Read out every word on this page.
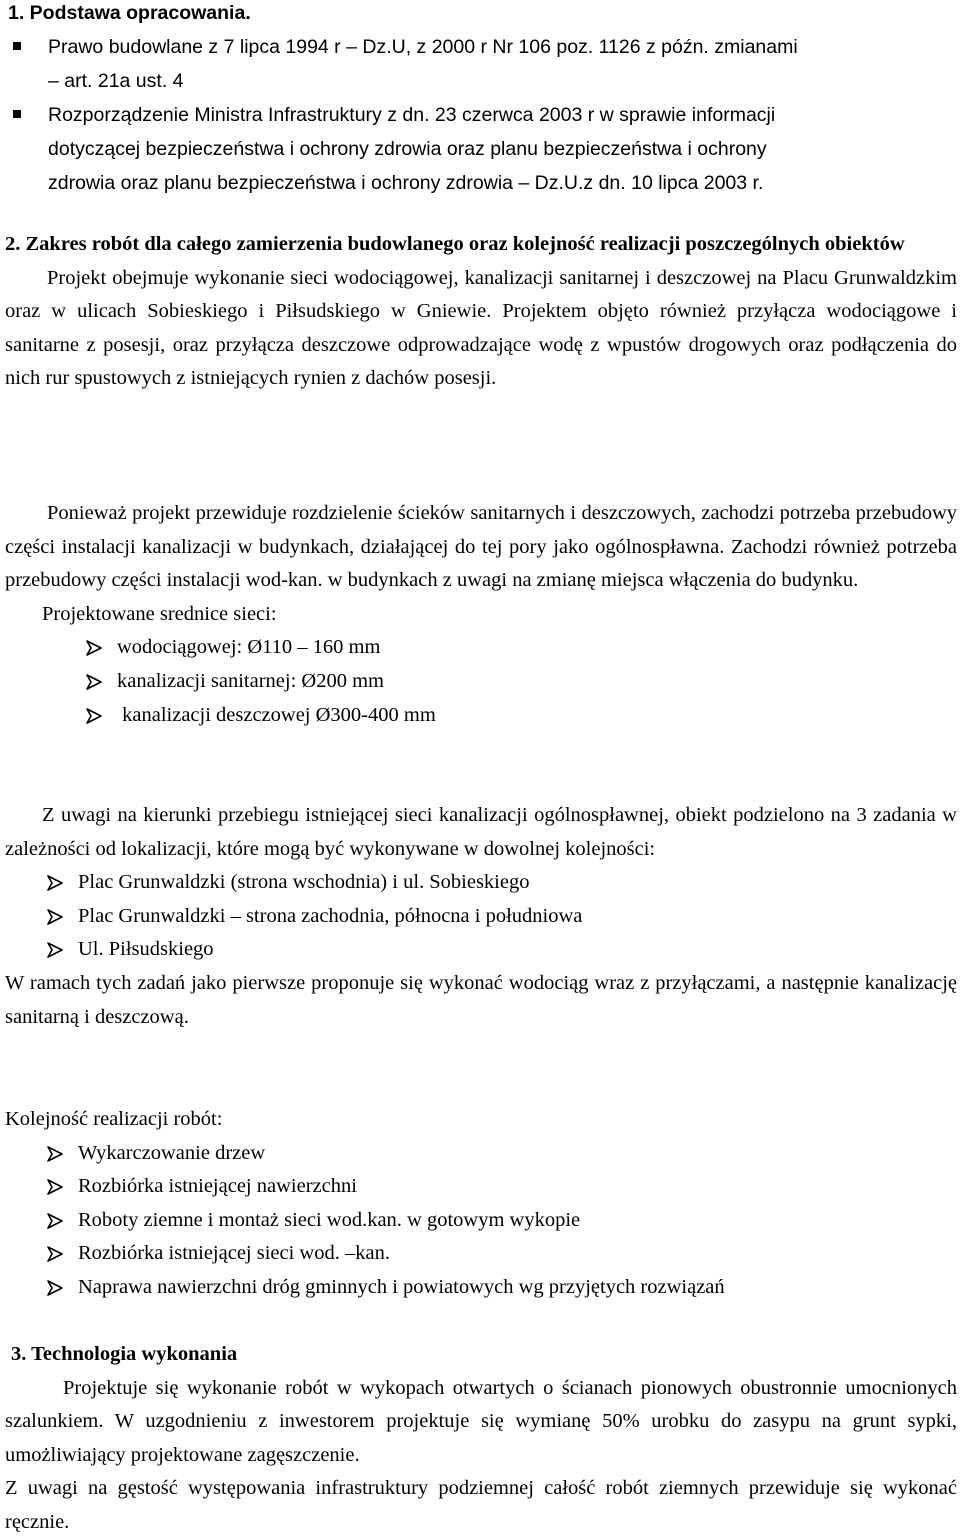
1. Podstawa opracowania.

Prawo budowlane z 7 lipca 1994 r – Dz.U, z 2000 r Nr 106 poz. 1126 z późn. zmianami

– art. 21a ust. 4

Rozporządzenie Ministra Infrastruktury z dn. 23 czerwca 2003 r w sprawie informacji

dotyczącej bezpieczeństwa i ochrony zdrowia oraz planu bezpieczeństwa i ochrony

zdrowia oraz planu bezpieczeństwa i ochrony zdrowia – Dz.U.z dn. 10 lipca 2003 r.

2. Zakres robót dla całego zamierzenia budowlanego oraz kolejność realizacji poszczególnych obiektów

Projekt obejmuje wykonanie sieci wodociągowej, kanalizacji sanitarnej i deszczowej na Placu Grunwaldzkim oraz w ulicach Sobieskiego i Piłsudskiego w Gniewie. Projektem objęto również przyłącza wodociągowe i sanitarne z posesji, oraz przyłącza deszczowe odprowadzające wodę z wpustów drogowych oraz podłączenia do nich rur spustowych z istniejących rynien z dachów posesji.

Ponieważ projekt przewiduje rozdzielenie ścieków sanitarnych i deszczowych, zachodzi potrzeba przebudowy części instalacji kanalizacji w budynkach, działającej do tej pory jako ogólnospławna. Zachodzi również potrzeba przebudowy części instalacji wod-kan. w budynkach z uwagi na zmianę miejsca włączenia do budynku.

Projektowane srednice sieci:

wodociągowej: Ø110 – 160 mm

kanalizacji sanitarnej: Ø200 mm

kanalizacji deszczowej Ø300-400 mm

Z uwagi na kierunki przebiegu istniejącej sieci kanalizacji ogólnospławnej, obiekt podzielono na 3 zadania w zależności od lokalizacji, które mogą być wykonywane w dowolnej kolejności:

Plac Grunwaldzki (strona wschodnia) i ul. Sobieskiego

Plac Grunwaldzki – strona zachodnia, północna i południowa

Ul. Piłsudskiego

W ramach tych zadań jako pierwsze proponuje się wykonać wodociąg wraz z przyłączami, a następnie kanalizację sanitarną i deszczową.

Kolejność realizacji robót:

Wykarczowanie drzew

Rozbiórka istniejącej nawierzchni

Roboty ziemne i montaż sieci wod.kan. w gotowym wykopie

Rozbiórka istniejącej sieci wod. –kan.

Naprawa nawierzchni dróg gminnych i powiatowych wg przyjętych rozwiązań

3. Technologia wykonania

Projektuje się wykonanie robót w wykopach otwartych o ścianach pionowych obustronnie umocnionych szalunkiem. W uzgodnieniu z inwestorem projektuje się wymianę 50% urobku do zasypu na grunt sypki, umożliwiający projektowane zagęszczenie.

Z uwagi na gęstość występowania infrastruktury podziemnej całość robót ziemnych przewiduje się wykonać ręcznie.
